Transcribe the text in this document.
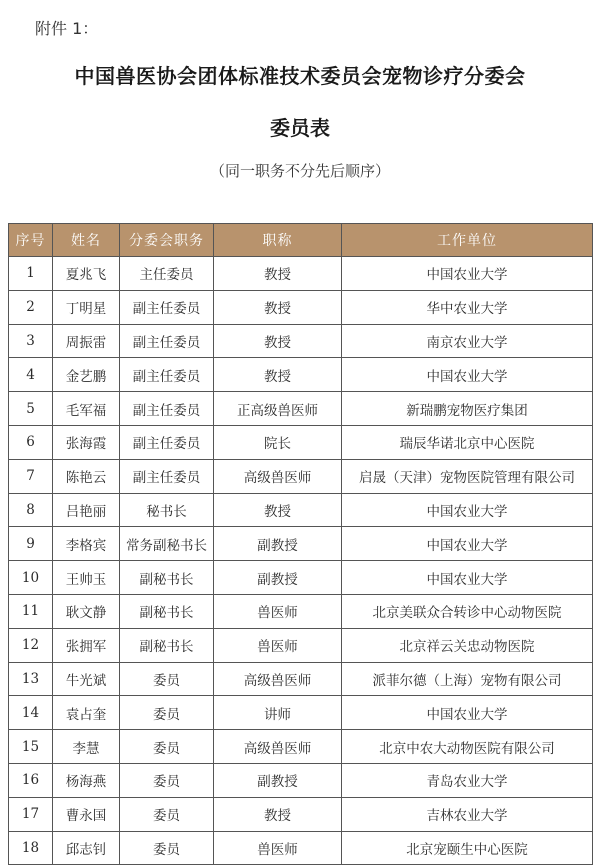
附件 1：
中国兽医协会团体标准技术委员会宠物诊疗分委会
委员表
（同一职务不分先后顺序）
序号	姓名	分委会职务	职称	工作单位
1	夏兆飞	主任委员	教授	中国农业大学
2	丁明星	副主任委员	教授	华中农业大学
3	周振雷	副主任委员	教授	南京农业大学
4	金艺鹏	副主任委员	教授	中国农业大学
5	毛军福	副主任委员	正高级兽医师	新瑞鹏宠物医疗集团
6	张海霞	副主任委员	院长	瑞辰华诺北京中心医院
7	陈艳云	副主任委员	高级兽医师	启晟（天津）宠物医院管理有限公司
8	吕艳丽	秘书长	教授	中国农业大学
9	李格宾	常务副秘书长	副教授	中国农业大学
10	王帅玉	副秘书长	副教授	中国农业大学
11	耿文静	副秘书长	兽医师	北京美联众合转诊中心动物医院
12	张拥军	副秘书长	兽医师	北京祥云关忠动物医院
13	牛光斌	委员	高级兽医师	派菲尔德（上海）宠物有限公司
14	袁占奎	委员	讲师	中国农业大学
15	李慧	委员	高级兽医师	北京中农大动物医院有限公司
16	杨海燕	委员	副教授	青岛农业大学
17	曹永国	委员	教授	吉林农业大学
18	邱志钊	委员	兽医师	北京宠颐生中心医院
